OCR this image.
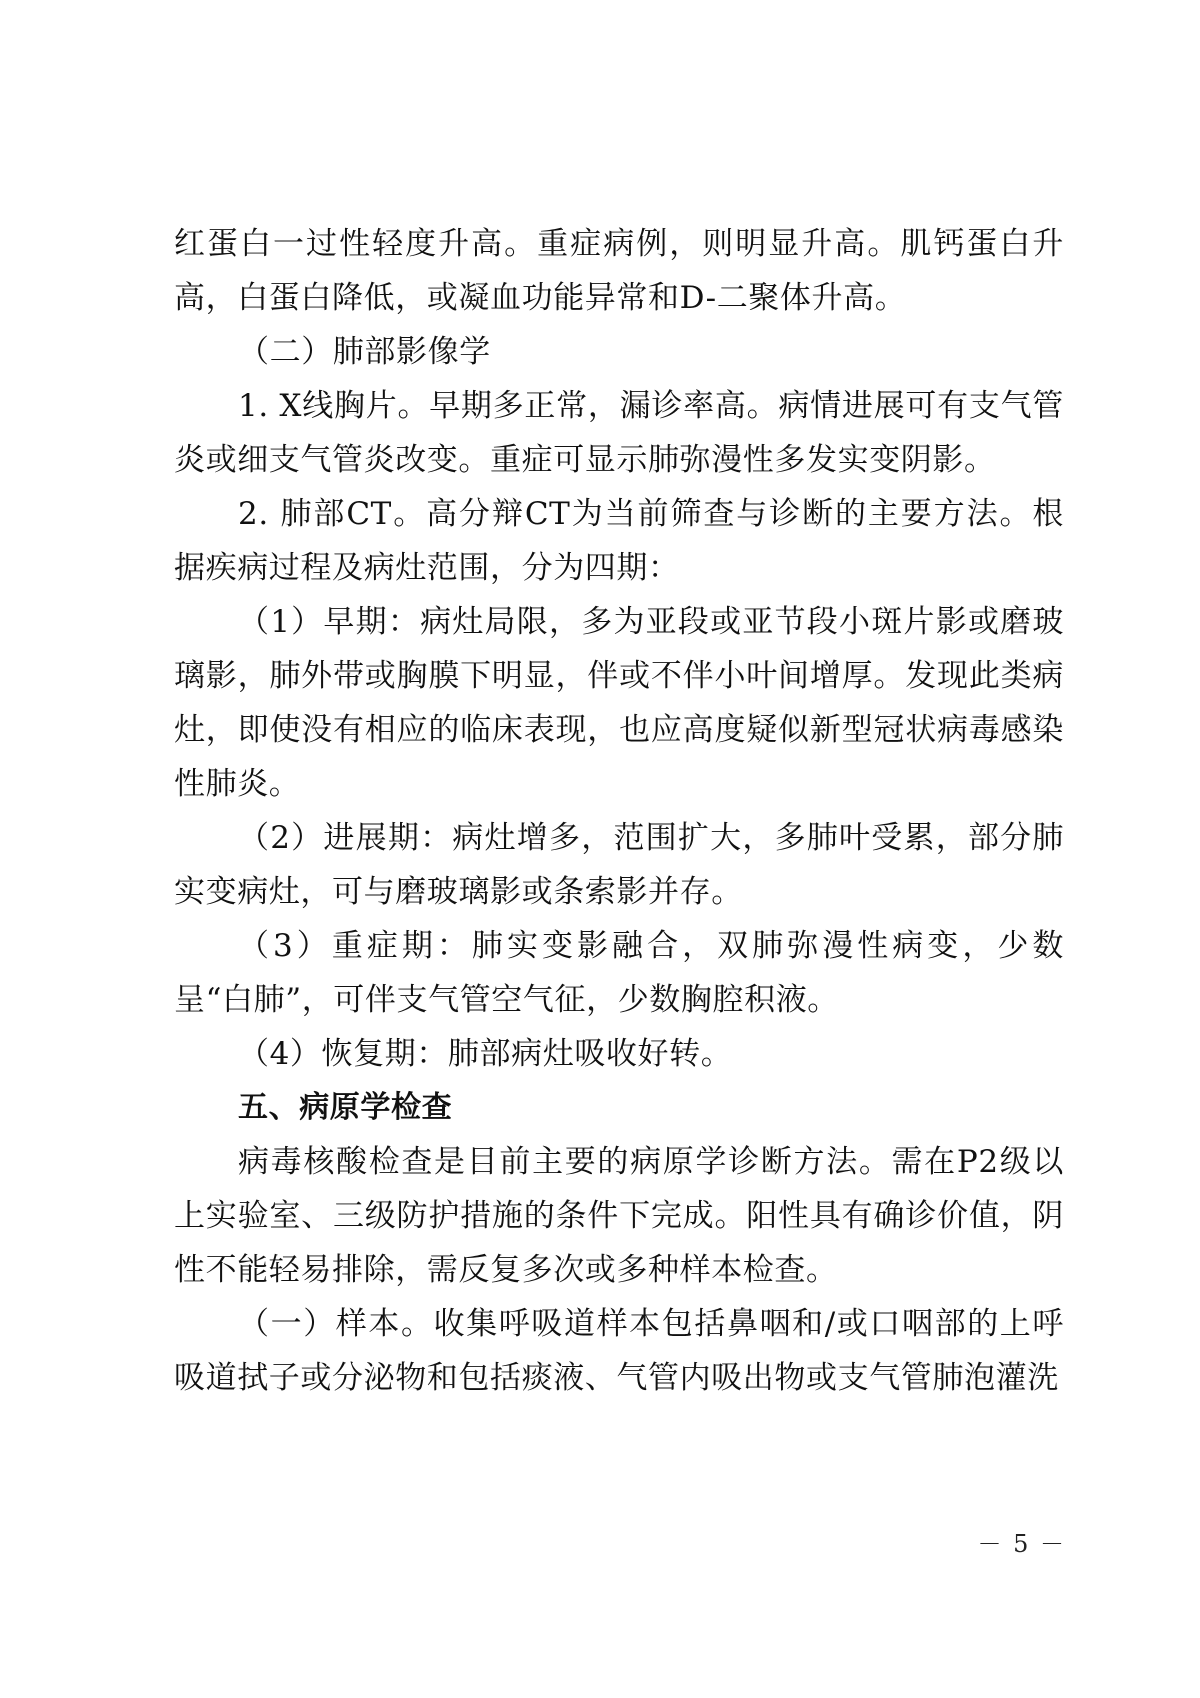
红蛋白一过性轻度升高。重症病例，则明显升高。肌钙蛋白升高，白蛋白降低，或凝血功能异常和D-二聚体升高。

（二）肺部影像学

1. X线胸片。早期多正常，漏诊率高。病情进展可有支气管炎或细支气管炎改变。重症可显示肺弥漫性多发实变阴影。

2. 肺部CT。高分辩CT为当前筛查与诊断的主要方法。根据疾病过程及病灶范围，分为四期：

（1）早期：病灶局限，多为亚段或亚节段小斑片影或磨玻璃影，肺外带或胸膜下明显，伴或不伴小叶间增厚。发现此类病灶，即使没有相应的临床表现，也应高度疑似新型冠状病毒感染性肺炎。

（2）进展期：病灶增多，范围扩大，多肺叶受累，部分肺实变病灶，可与磨玻璃影或条索影并存。

（3）重症期：肺实变影融合，双肺弥漫性病变，少数呈“白肺”，可伴支气管空气征，少数胸腔积液。

（4）恢复期：肺部病灶吸收好转。

五、病原学检查

病毒核酸检查是目前主要的病原学诊断方法。需在P2级以上实验室、三级防护措施的条件下完成。阳性具有确诊价值，阴性不能轻易排除，需反复多次或多种样本检查。

（一）样本。收集呼吸道样本包括鼻咽和/或口咽部的上呼吸道拭子或分泌物和包括痰液、气管内吸出物或支气管肺泡灌洗

－ 5 －
